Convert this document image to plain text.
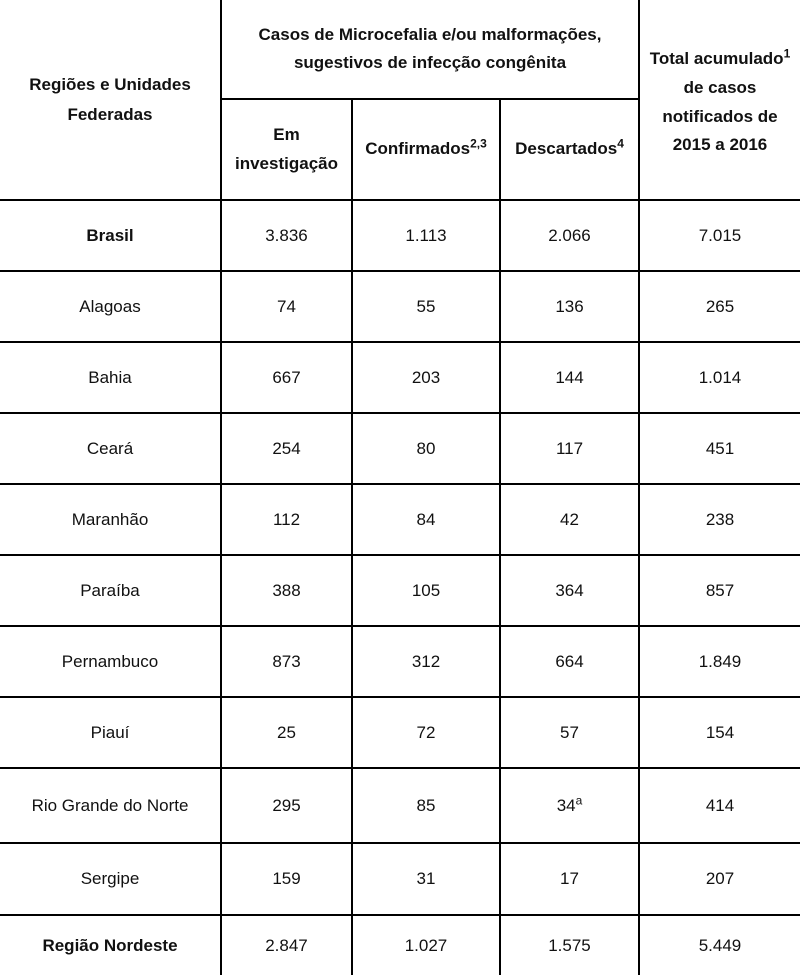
Regiões e Unidades Federadas	Casos de Microcefalia e/ou malformações, sugestivos de infecção congênita			Total acumulado$^1$
de casos notificados de 2015 a 2016
	Em investigação	Confirmados$^{2,3}$	Descartados$^4$
Brasil	3.836	1.113	2.066	7.015
Alagoas	74	55	136	265
Bahia	667	203	144	1.014
Ceará	254	80	117	451
Maranhão	112	84	42	238
Paraíba	388	105	364	857
Pernambuco	873	312	664	1.849
Piauí	25	72	57	154
Rio Grande do Norte	295	85	34$^a$	414
Sergipe	159	31	17	207
Região Nordeste	2.847	1.027	1.575	5.449
